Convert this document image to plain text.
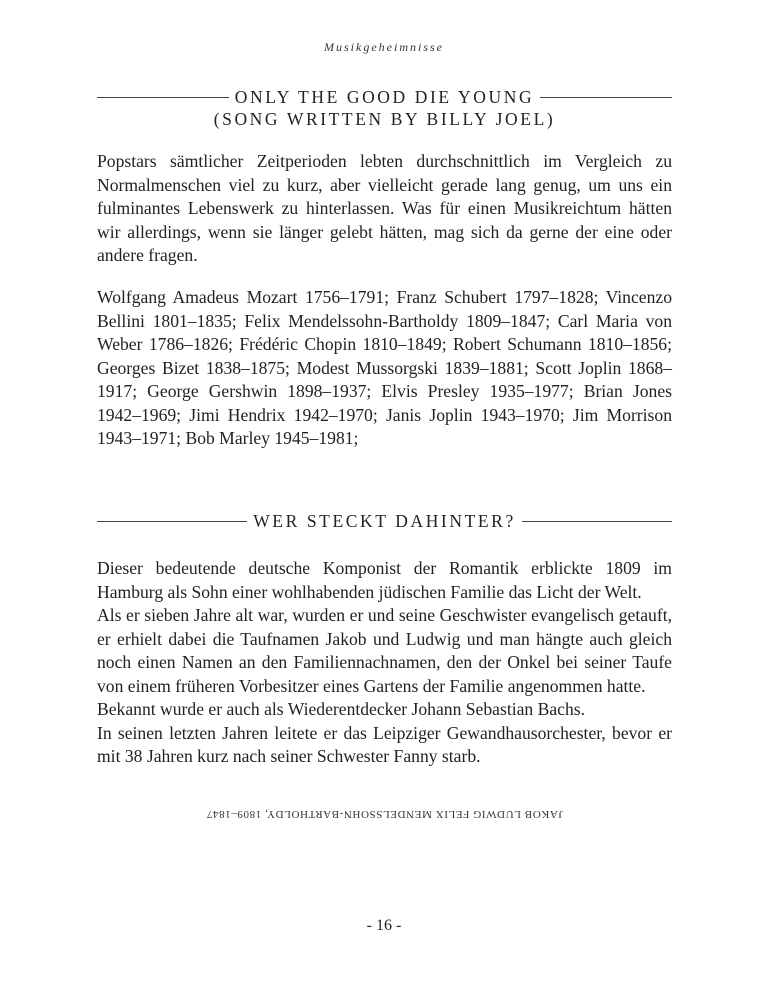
Musikgeheimnisse
ONLY THE GOOD DIE YOUNG
(SONG WRITTEN BY BILLY JOEL)

Popstars sämtlicher Zeitperioden lebten durchschnittlich im Vergleich zu Normalmenschen viel zu kurz, aber vielleicht gerade lang genug, um uns ein fulminantes Lebenswerk zu hinterlassen. Was für einen Musikreichtum hätten wir allerdings, wenn sie länger gelebt hätten, mag sich da gerne der eine oder andere fragen.

Wolfgang Amadeus Mozart 1756–1791; Franz Schubert 1797–1828; Vincenzo Bellini 1801–1835; Felix Mendelssohn-Bartholdy 1809–1847; Carl Maria von Weber 1786–1826; Frédéric Chopin 1810–1849; Robert Schumann 1810–1856; Georges Bizet 1838–1875; Modest Mussorgski 1839–1881; Scott Joplin 1868–1917; George Gershwin 1898–1937; Elvis Presley 1935–1977; Brian Jones 1942–1969; Jimi Hendrix 1942–1970; Janis Joplin 1943–1970; Jim Morrison 1943–1971; Bob Marley 1945–1981;

WER STECKT DAHINTER?

Dieser bedeutende deutsche Komponist der Romantik erblickte 1809 im Hamburg als Sohn einer wohlhabenden jüdischen Familie das Licht der Welt.

Als er sieben Jahre alt war, wurden er und seine Geschwister evangelisch getauft, er erhielt dabei die Taufnamen Jakob und Ludwig und man hängte auch gleich noch einen Namen an den Familiennachnamen, den der Onkel bei seiner Taufe von einem früheren Vorbesitzer eines Gartens der Familie angenommen hatte.

Bekannt wurde er auch als Wiederentdecker Johann Sebastian Bachs.

In seinen letzten Jahren leitete er das Leipziger Gewandhausorchester, bevor er mit 38 Jahren kurz nach seiner Schwester Fanny starb.

JAKOB LUDWIG FELIX MENDELSSOHN-BARTHOLDY, 1809–1847
- 16 -
